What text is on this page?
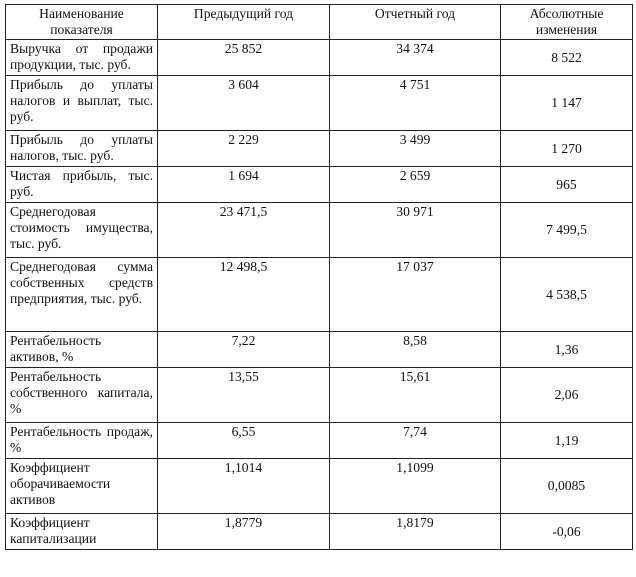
Наименование показателя	Предыдущий год	Отчетный год	Абсолютные изменения
Выручка от продажи продукции, тыс. руб.	25 852	34 374	8 522
Прибыль до уплаты налогов и выплат, тыс. руб.	3 604	4 751	1 147
Прибыль до уплаты налогов, тыс. руб.	2 229	3 499	1 270
Чистая прибыль, тыс. руб.	1 694	2 659	965
Среднегодовая стоимость имущества, тыс. руб.	23 471,5	30 971	7 499,5
Среднегодовая сумма собственных средств предприятия, тыс. руб.	12 498,5	17 037	4 538,5
Рентабельность активов, %	7,22	8,58	1,36
Рентабельность собственного капитала, %	13,55	15,61	2,06
Рентабельность продаж, %	6,55	7,74	1,19
Коэффициент оборачиваемости активов	1,1014	1,1099	0,0085
Коэффициент капитализации	1,8779	1,8179	-0,06
